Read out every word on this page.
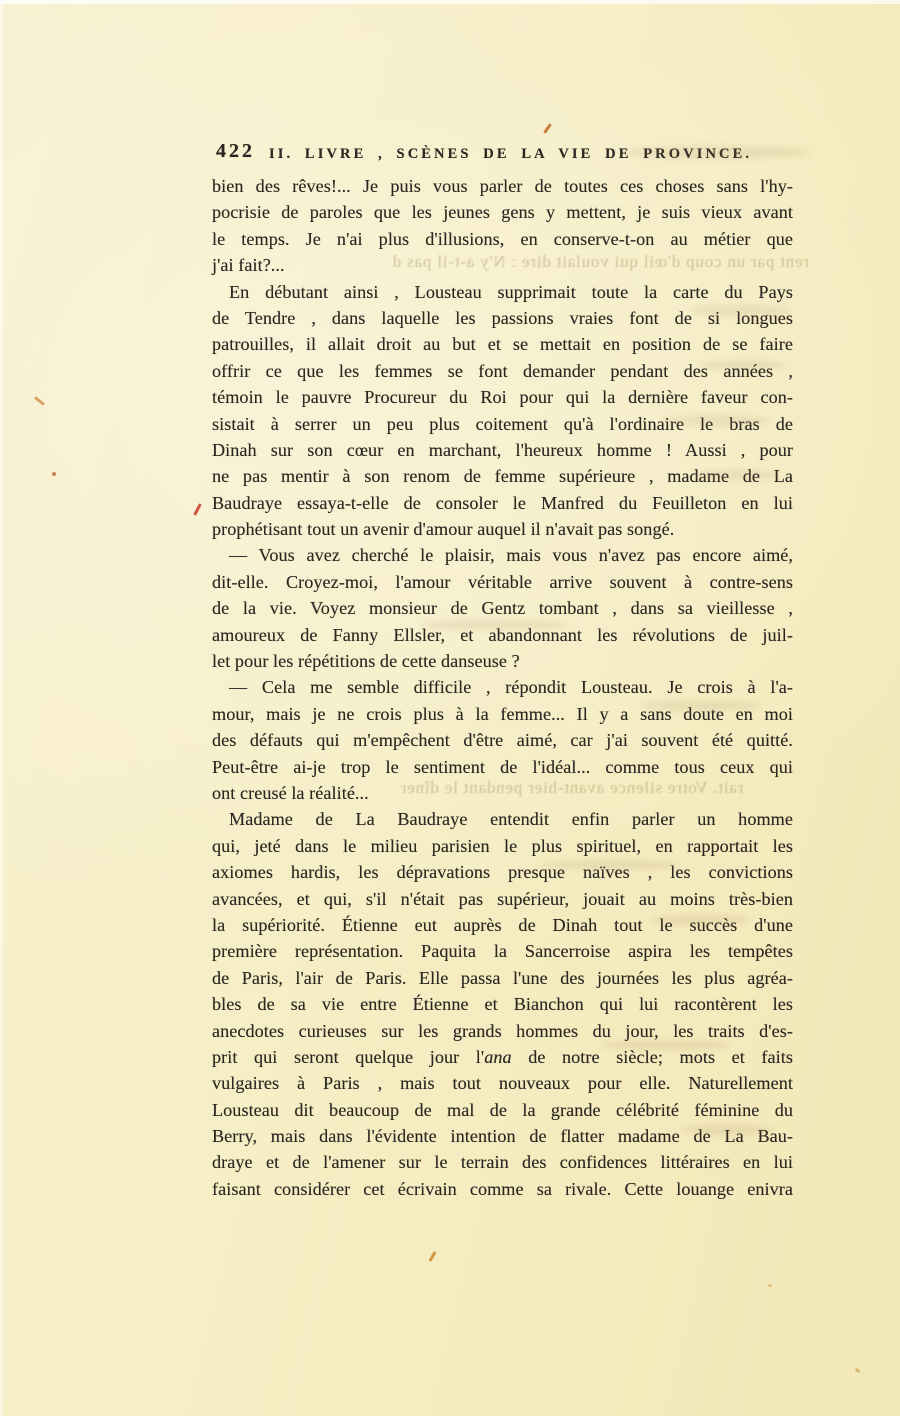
422 II. LIVRE , SCÈNES DE LA VIE DE PROVINCE.
bien des rêves!... Je puis vous parler de toutes ces choses sans l'hy-
pocrisie de paroles que les jeunes gens y mettent, je suis vieux avant
le temps. Je n'ai plus d'illusions, en conserve-t-on au métier que
j'ai fait?...
En débutant ainsi , Lousteau supprimait toute la carte du Pays
de Tendre , dans laquelle les passions vraies font de si longues
patrouilles, il allait droit au but et se mettait en position de se faire
offrir ce que les femmes se font demander pendant des années ,
témoin le pauvre Procureur du Roi pour qui la dernière faveur con-
sistait à serrer un peu plus coitement qu'à l'ordinaire le bras de
Dinah sur son cœur en marchant, l'heureux homme ! Aussi , pour
ne pas mentir à son renom de femme supérieure , madame de La
Baudraye essaya-t-elle de consoler le Manfred du Feuilleton en lui
prophétisant tout un avenir d'amour auquel il n'avait pas songé.
— Vous avez cherché le plaisir, mais vous n'avez pas encore aimé,
dit-elle. Croyez-moi, l'amour véritable arrive souvent à contre-sens
de la vie. Voyez monsieur de Gentz tombant , dans sa vieillesse ,
amoureux de Fanny Ellsler, et abandonnant les révolutions de juil-
let pour les répétitions de cette danseuse ?
— Cela me semble difficile , répondit Lousteau. Je crois à l'a-
mour, mais je ne crois plus à la femme... Il y a sans doute en moi
des défauts qui m'empêchent d'être aimé, car j'ai souvent été quitté.
Peut-être ai-je trop le sentiment de l'idéal... comme tous ceux qui
ont creusé la réalité...
Madame de La Baudraye entendit enfin parler un homme
qui, jeté dans le milieu parisien le plus spirituel, en rapportait les
axiomes hardis, les dépravations presque naïves , les convictions
avancées, et qui, s'il n'était pas supérieur, jouait au moins très-bien
la supériorité. Étienne eut auprès de Dinah tout le succès d'une
première représentation. Paquita la Sancerroise aspira les tempêtes
de Paris, l'air de Paris. Elle passa l'une des journées les plus agréa-
bles de sa vie entre Étienne et Bianchon qui lui racontèrent les
anecdotes curieuses sur les grands hommes du jour, les traits d'es-
prit qui seront quelque jour l'ana de notre siècle; mots et faits
vulgaires à Paris , mais tout nouveaux pour elle. Naturellement
Lousteau dit beaucoup de mal de la grande célébrité féminine du
Berry, mais dans l'évidente intention de flatter madame de La Bau-
draye et de l'amener sur le terrain des confidences littéraires en lui
faisant considérer cet écrivain comme sa rivale. Cette louange enivra
rent par un coup d'œil qui voulait dire : N'y a-t-il pas d
rait. Votre silence avant-hier pendant le dîner
